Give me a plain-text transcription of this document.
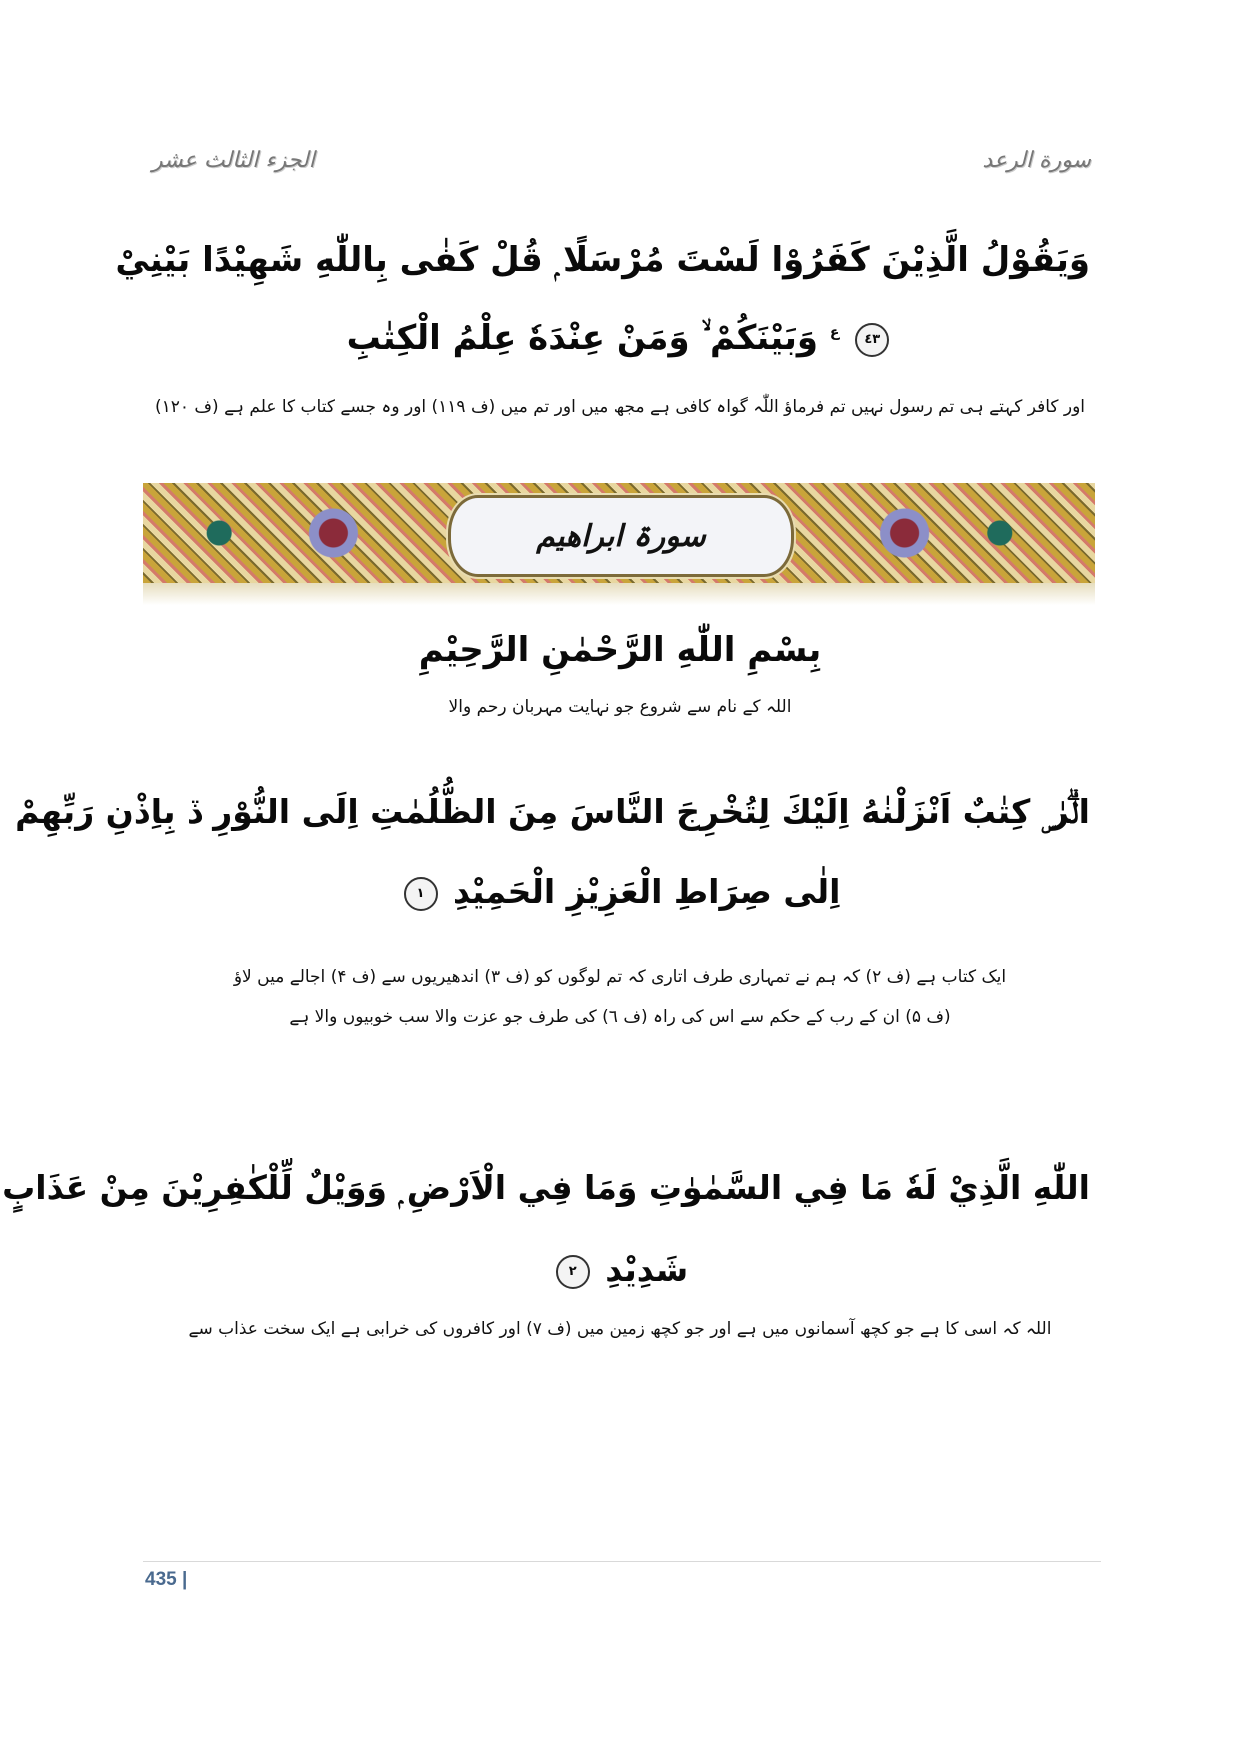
الجزء الثالث عشر	سورة الرعد
وَيَقُوْلُ الَّذِيْنَ كَفَرُوْا لَسْتَ مُرْسَلًا ۭ قُلْ كَفٰى بِاللّٰهِ شَهِيْدًا بَيْنِيْ
٤٣ $^ع$ وَبَيْنَكُمْ ۙ وَمَنْ عِنْدَهٗ عِلْمُ الْكِتٰبِ
اور کافر کہتے ہی تم رسول نہیں تم فرماؤ اللّٰہ گواہ کافی ہے مجھ میں اور تم میں (ف ۱۱۹) اور وہ جسے کتاب کا علم ہے (ف ۱۲۰)
سورۃ ابراھیم
بِسْمِ اللّٰهِ الرَّحْمٰنِ الرَّحِيْمِ
اللہ کے نام سے شروع جو نہایت مہربان رحم والا
الۗرٰ ۣ كِتٰبٌ اَنْزَلْنٰهُ اِلَيْكَ لِتُخْرِجَ النَّاسَ مِنَ الظُّلُمٰتِ اِلَى النُّوْرِ ڏ بِاِذْنِ رَبِّهِمْ
اِلٰى صِرَاطِ الْعَزِيْزِ الْحَمِيْدِ ١
ایک کتاب ہے (ف ۲) کہ ہم نے تمہاری طرف اتاری کہ تم لوگوں کو (ف ۳) اندھیریوں سے (ف ۴) اجالے میں لاؤ
(ف ۵) ان کے رب کے حکم سے اس کی راہ (ف ٦) کی طرف جو عزت والا سب خوبیوں والا ہے
اللّٰهِ الَّذِيْ لَهٗ مَا فِي السَّمٰوٰتِ وَمَا فِي الْاَرْضِ ۭ وَوَيْلٌ لِّلْكٰفِرِيْنَ مِنْ عَذَابٍ
شَدِيْدِ ٢
اللہ کہ اسی کا ہے جو کچھ آسمانوں میں ہے اور جو کچھ زمین میں (ف ۷) اور کافروں کی خرابی ہے ایک سخت عذاب سے
435 |
